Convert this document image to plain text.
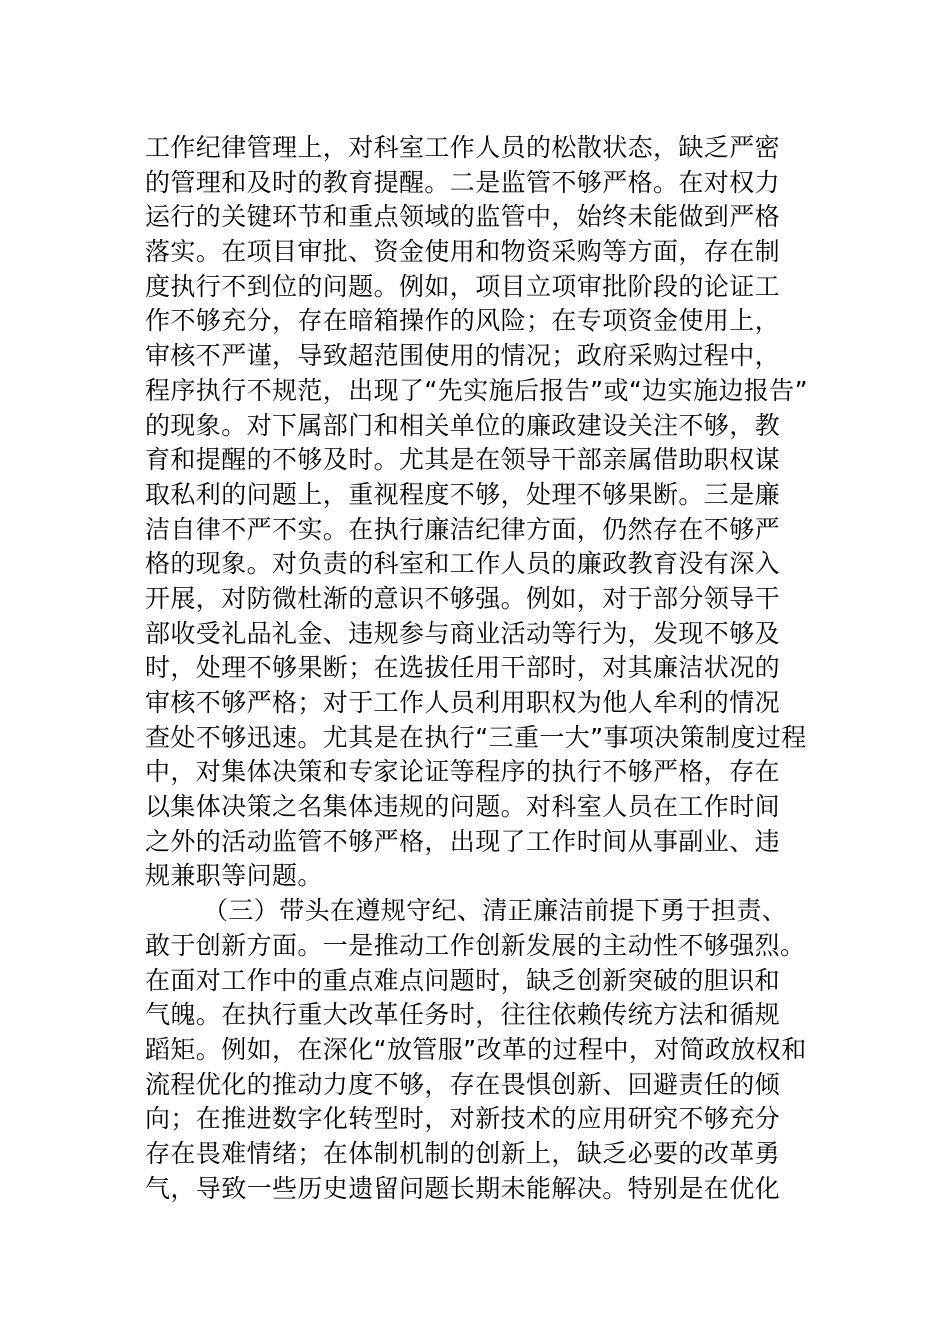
工作纪律管理上，对科室工作人员的松散状态，缺乏严密
的管理和及时的教育提醒。二是监管不够严格。在对权力
运行的关键环节和重点领域的监管中，始终未能做到严格
落实。在项目审批、资金使用和物资采购等方面，存在制
度执行不到位的问题。例如，项目立项审批阶段的论证工
作不够充分，存在暗箱操作的风险；在专项资金使用上，
审核不严谨，导致超范围使用的情况；政府采购过程中，
程序执行不规范，出现了“先实施后报告”或“边实施边报告”
的现象。对下属部门和相关单位的廉政建设关注不够，教
育和提醒的不够及时。尤其是在领导干部亲属借助职权谋
取私利的问题上，重视程度不够，处理不够果断。三是廉
洁自律不严不实。在执行廉洁纪律方面，仍然存在不够严
格的现象。对负责的科室和工作人员的廉政教育没有深入
开展，对防微杜渐的意识不够强。例如，对于部分领导干
部收受礼品礼金、违规参与商业活动等行为，发现不够及
时，处理不够果断；在选拔任用干部时，对其廉洁状况的
审核不够严格；对于工作人员利用职权为他人牟利的情况
查处不够迅速。尤其是在执行“三重一大”事项决策制度过程
中，对集体决策和专家论证等程序的执行不够严格，存在
以集体决策之名集体违规的问题。对科室人员在工作时间
之外的活动监管不够严格，出现了工作时间从事副业、违
规兼职等问题。
（三）带头在遵规守纪、清正廉洁前提下勇于担责、
敢于创新方面。一是推动工作创新发展的主动性不够强烈。
在面对工作中的重点难点问题时，缺乏创新突破的胆识和
气魄。在执行重大改革任务时，往往依赖传统方法和循规
蹈矩。例如，在深化“放管服”改革的过程中，对简政放权和
流程优化的推动力度不够，存在畏惧创新、回避责任的倾
向；在推进数字化转型时，对新技术的应用研究不够充分
存在畏难情绪；在体制机制的创新上，缺乏必要的改革勇
气，导致一些历史遗留问题长期未能解决。特别是在优化
